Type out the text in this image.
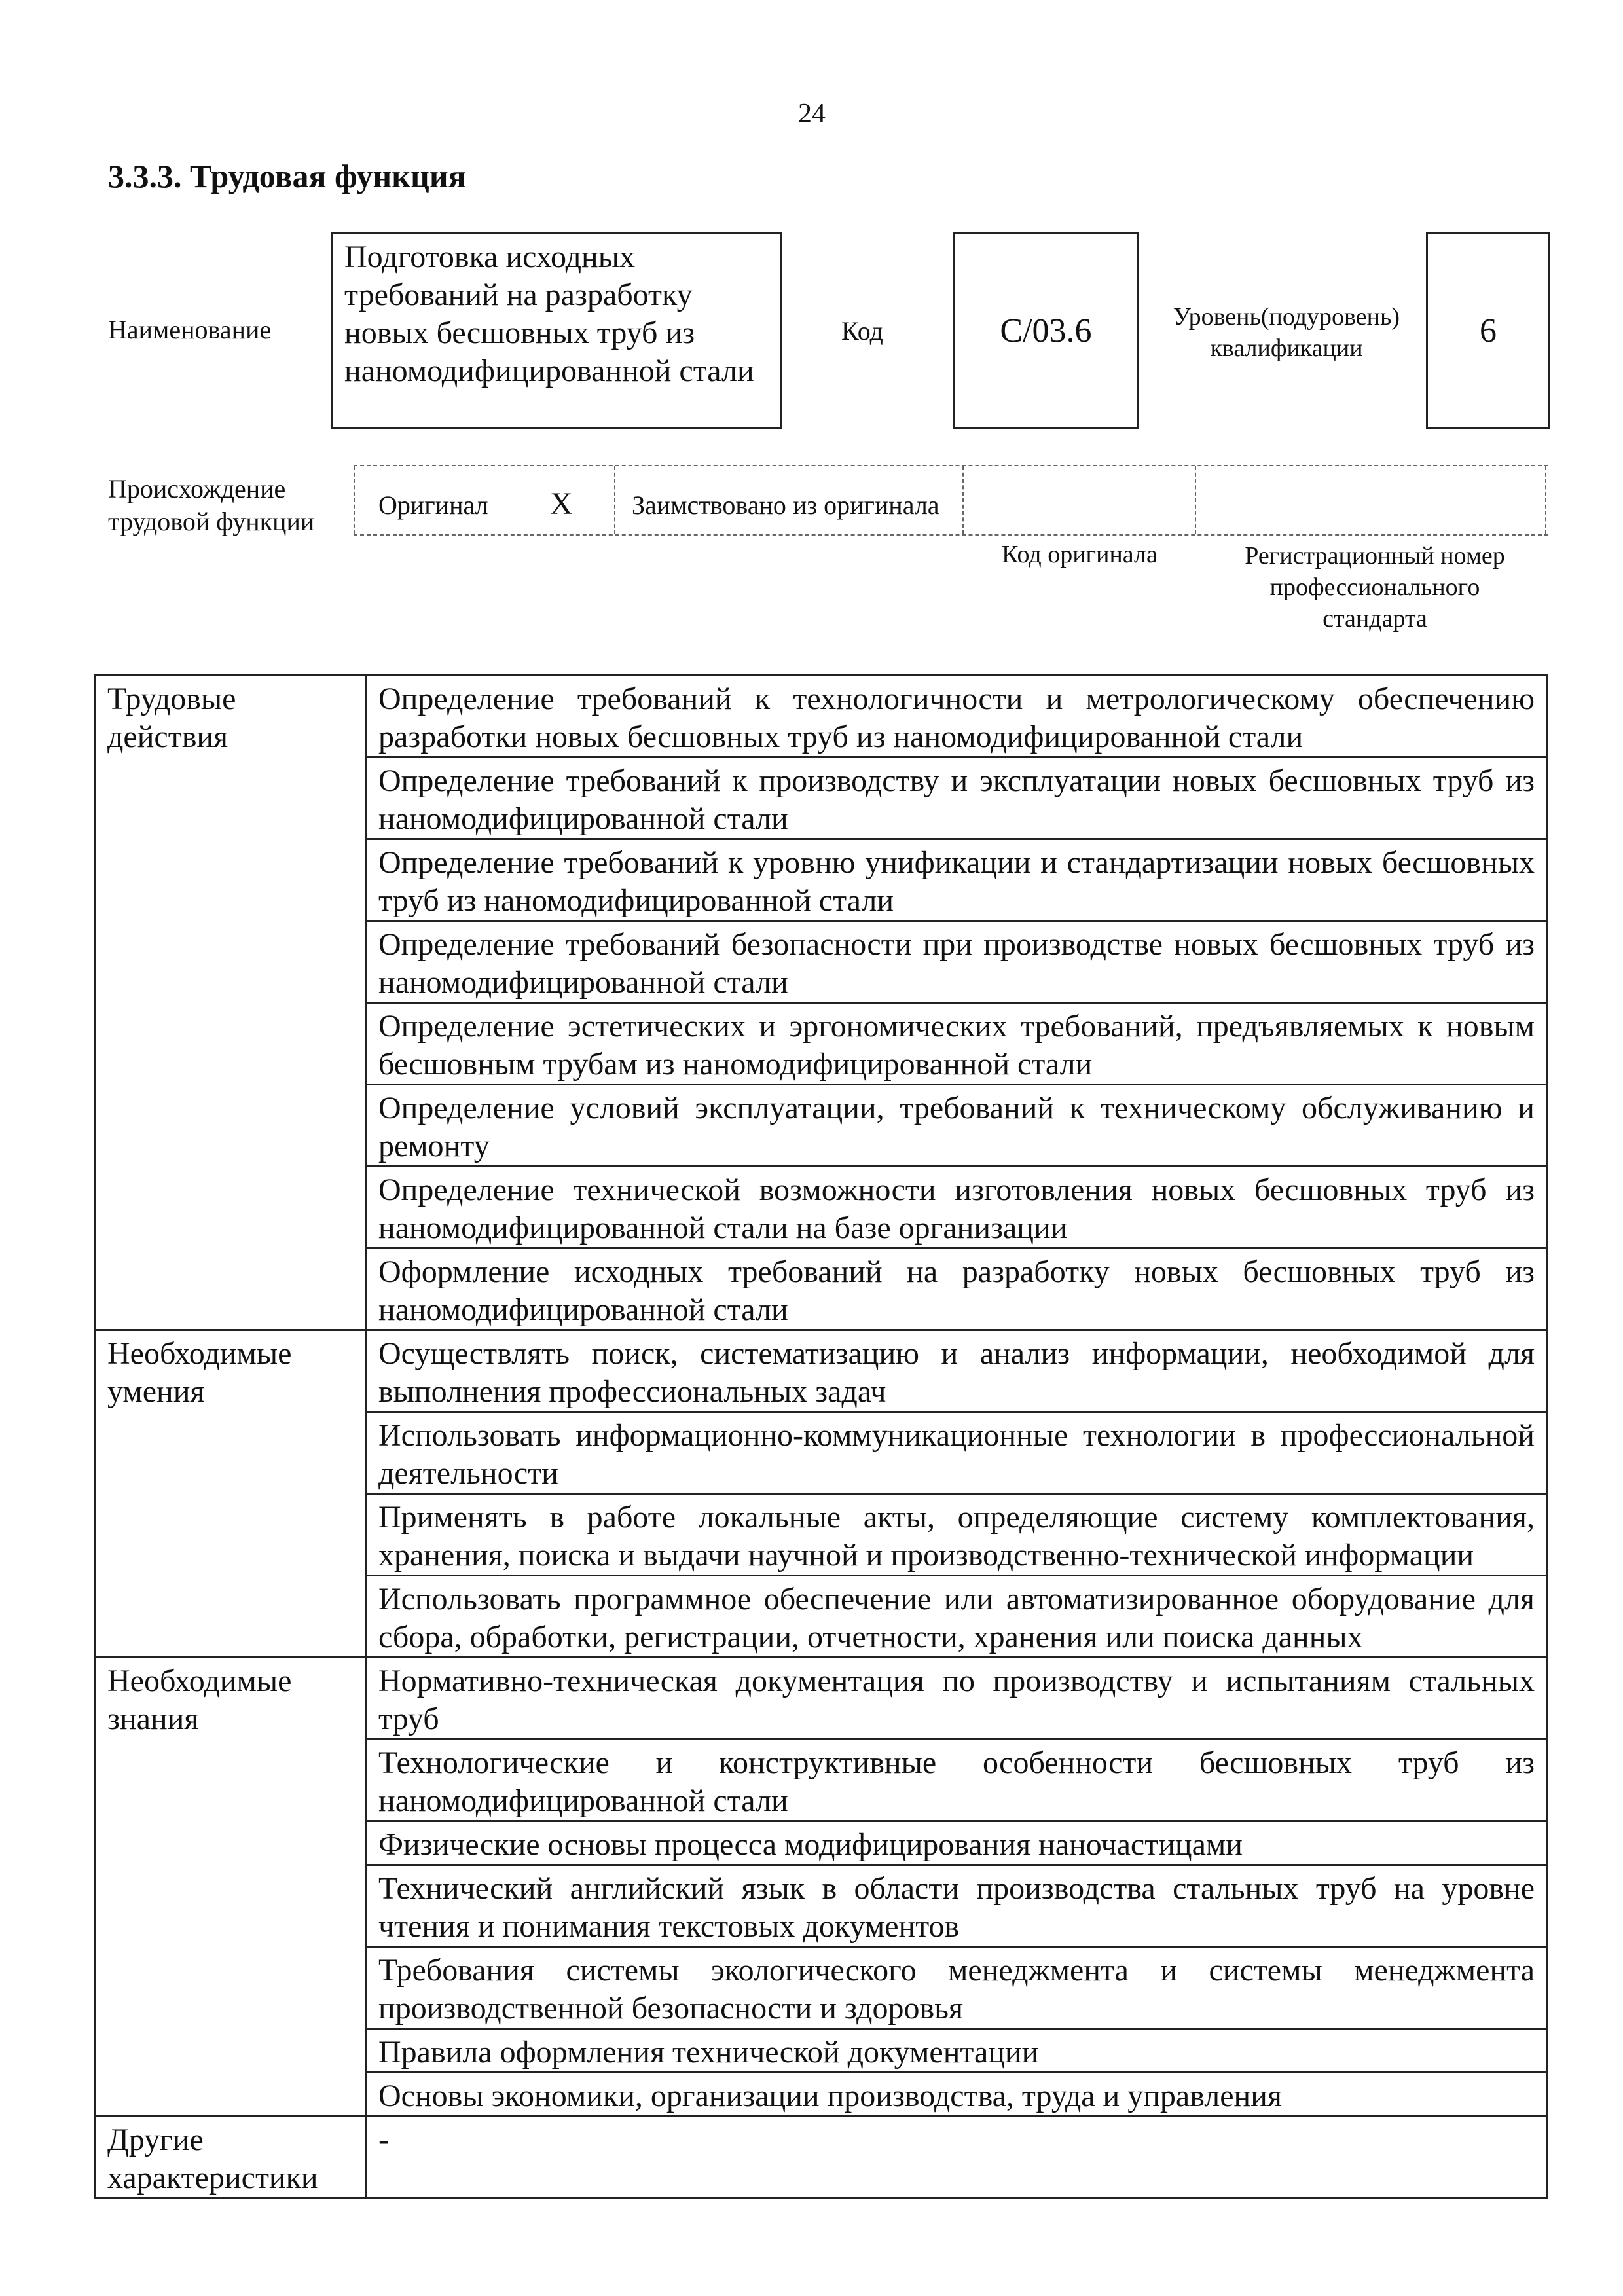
24
3.3.3. Трудовая функция
Наименование
Подготовка исходных требований на разработку новых бесшовных труб из наномодифицированной стали
Код	C/03.6	Уровень(подуровень) квалификации	6
Происхождение трудовой функции
Оригинал X Заимствовано из оригинала
Код оригинала	Регистрационный номер профессионального стандарта
Трудовые действия	Определение требований к технологичности и метрологическому обеспечению разработки новых бесшовных труб из наномодифицированной стали
	Определение требований к производству и эксплуатации новых бесшовных труб из наномодифицированной стали
	Определение требований к уровню унификации и стандартизации новых бесшовных труб из наномодифицированной стали
	Определение требований безопасности при производстве новых бесшовных труб из наномодифицированной стали
	Определение эстетических и эргономических требований, предъявляемых к новым бесшовным трубам из наномодифицированной стали
	Определение условий эксплуатации, требований к техническому обслуживанию и ремонту
	Определение технической возможности изготовления новых бесшовных труб из наномодифицированной стали на базе организации
	Оформление исходных требований на разработку новых бесшовных труб из наномодифицированной стали
Необходимые умения	Осуществлять поиск, систематизацию и анализ информации, необходимой для выполнения профессиональных задач
	Использовать информационно-коммуникационные технологии в профессиональной деятельности
	Применять в работе локальные акты, определяющие систему комплектования, хранения, поиска и выдачи научной и производственно-технической информации
	Использовать программное обеспечение или автоматизированное оборудование для сбора, обработки, регистрации, отчетности, хранения или поиска данных
Необходимые знания	Нормативно-техническая документация по производству и испытаниям стальных труб
	Технологические и конструктивные особенности бесшовных труб из наномодифицированной стали
	Физические основы процесса модифицирования наночастицами
	Технический английский язык в области производства стальных труб на уровне чтения и понимания текстовых документов
	Требования системы экологического менеджмента и системы менеджмента производственной безопасности и здоровья
	Правила оформления технической документации
	Основы экономики, организации производства, труда и управления
Другие характеристики	-
